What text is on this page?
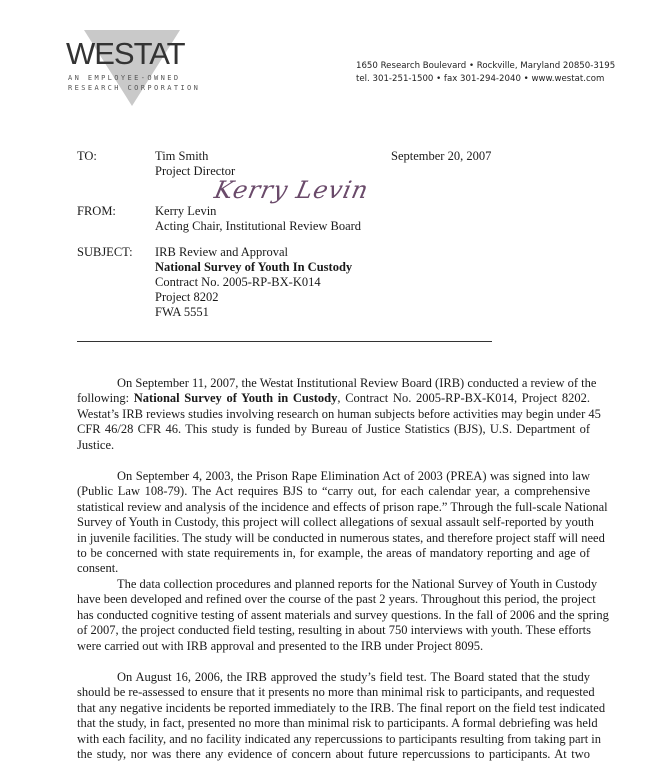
WESTAT
AN EMPLOYEE-OWNED
RESEARCH CORPORATION
1650 Research Boulevard • Rockville, Maryland 20850-3195
tel. 301-251-1500 • fax 301-294-2040 • www.westat.com
TO:	Tim Smith
Project Director
September 20, 2007
Kerry Levin
FROM:	Kerry Levin
Acting Chair, Institutional Review Board
SUBJECT: IRB Review and Approval
National Survey of Youth In Custody
Contract No. 2005-RP-BX-K014
Project 8202
FWA 5551
On September 11, 2007, the Westat Institutional Review Board (IRB) conducted a review of the
following: National Survey of Youth in Custody, Contract No. 2005-RP-BX-K014, Project 8202.
Westat’s IRB reviews studies involving research on human subjects before activities may begin under 45
CFR 46/28 CFR 46. This study is funded by Bureau of Justice Statistics (BJS), U.S. Department of
Justice.
On September 4, 2003, the Prison Rape Elimination Act of 2003 (PREA) was signed into law
(Public Law 108-79). The Act requires BJS to “carry out, for each calendar year, a comprehensive
statistical review and analysis of the incidence and effects of prison rape.” Through the full-scale National
Survey of Youth in Custody, this project will collect allegations of sexual assault self-reported by youth
in juvenile facilities. The study will be conducted in numerous states, and therefore project staff will need
to be concerned with state requirements in, for example, the areas of mandatory reporting and age of
consent.
The data collection procedures and planned reports for the National Survey of Youth in Custody
have been developed and refined over the course of the past 2 years. Throughout this period, the project
has conducted cognitive testing of assent materials and survey questions. In the fall of 2006 and the spring
of 2007, the project conducted field testing, resulting in about 750 interviews with youth. These efforts
were carried out with IRB approval and presented to the IRB under Project 8095.
On August 16, 2006, the IRB approved the study’s field test. The Board stated that the study
should be re-assessed to ensure that it presents no more than minimal risk to participants, and requested
that any negative incidents be reported immediately to the IRB. The final report on the field test indicated
that the study, in fact, presented no more than minimal risk to participants. A formal debriefing was held
with each facility, and no facility indicated any repercussions to participants resulting from taking part in
the study, nor was there any evidence of concern about future repercussions to participants. At two
